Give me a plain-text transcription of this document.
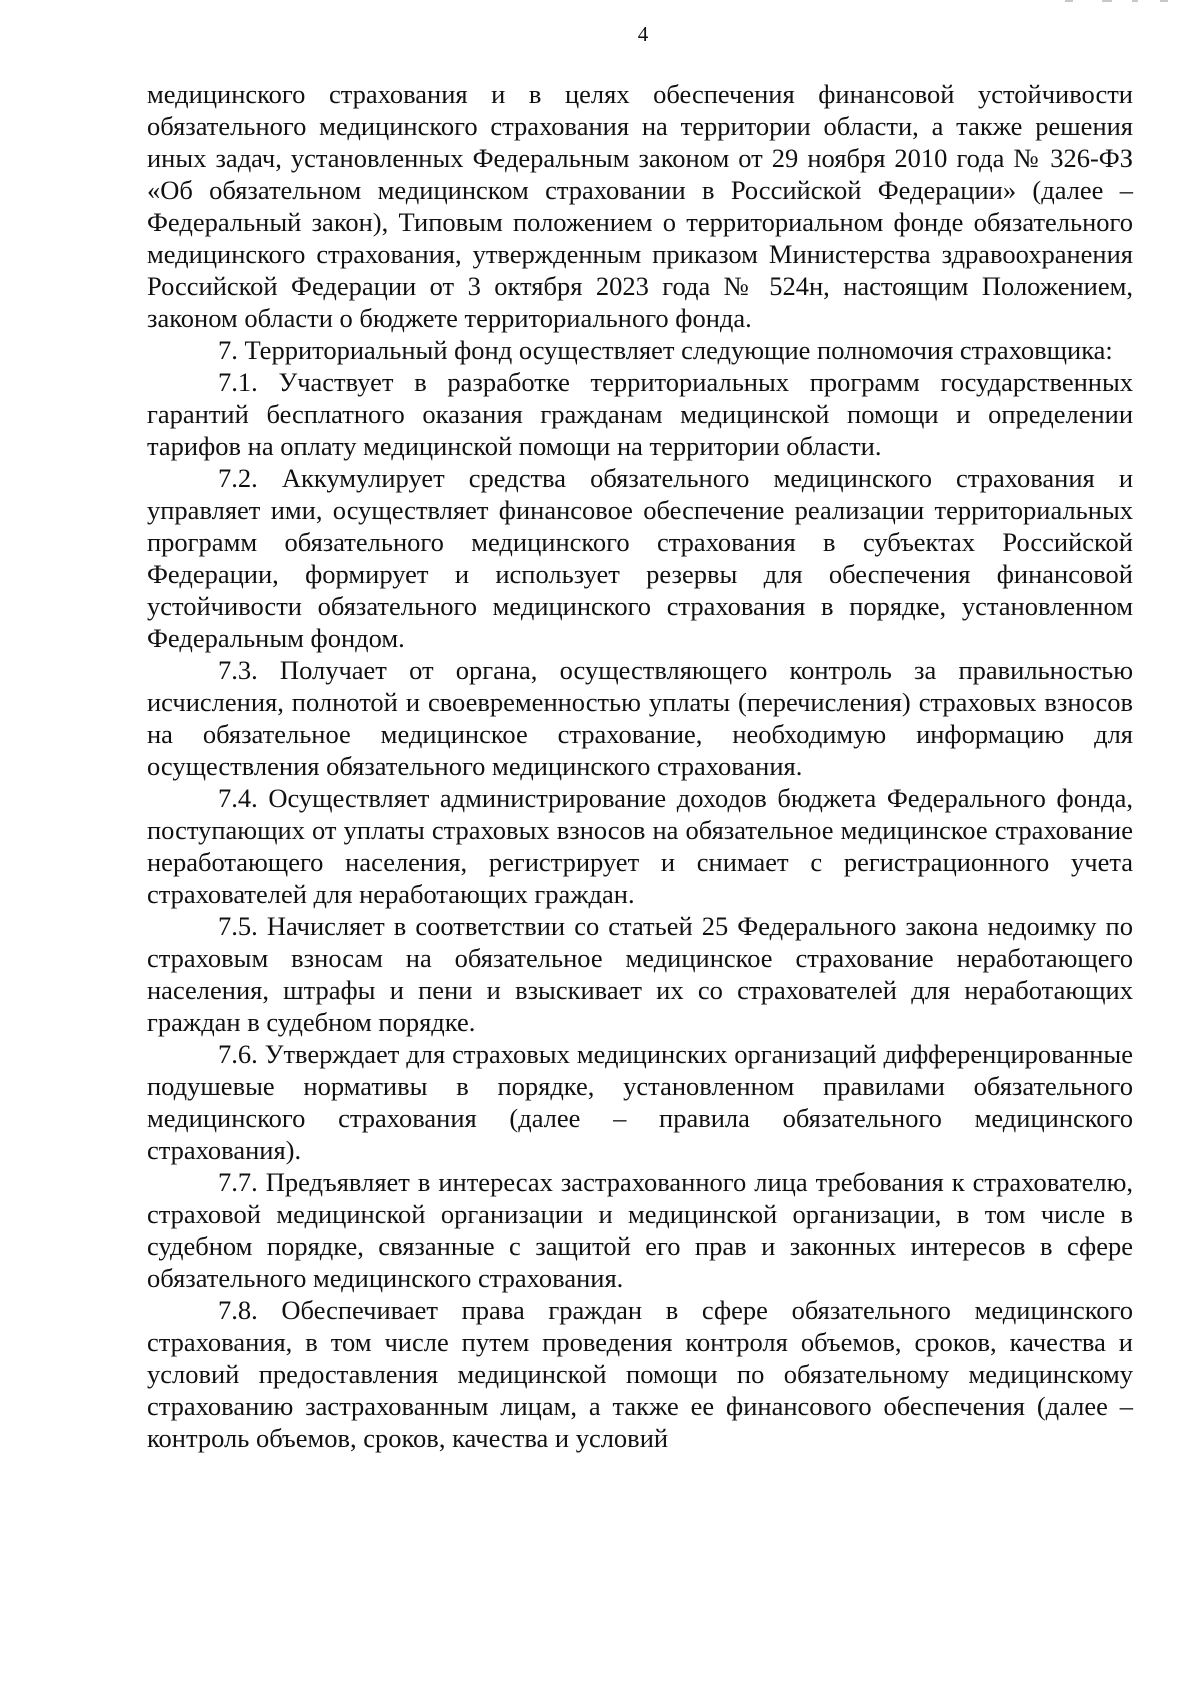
4

медицинского страхования и в целях обеспечения финансовой устойчивости обязательного медицинского страхования на территории области, а также решения иных задач, установленных Федеральным законом от 29 ноября 2010 года № 326-ФЗ «Об обязательном медицинском страховании в Российской Федерации» (далее – Федеральный закон), Типовым положением о территориальном фонде обязательного медицинского страхования, утвержденным приказом Министерства здравоохранения Российской Федерации от 3 октября 2023 года № 524н, настоящим Положением, законом области о бюджете территориального фонда.

7. Территориальный фонд осуществляет следующие полномочия страховщика:

7.1. Участвует в разработке территориальных программ государственных гарантий бесплатного оказания гражданам медицинской помощи и определении тарифов на оплату медицинской помощи на территории области.

7.2. Аккумулирует средства обязательного медицинского страхования и управляет ими, осуществляет финансовое обеспечение реализации территориальных программ обязательного медицинского страхования в субъектах Российской Федерации, формирует и использует резервы для обеспечения финансовой устойчивости обязательного медицинского страхования в порядке, установленном Федеральным фондом.

7.3. Получает от органа, осуществляющего контроль за правильностью исчисления, полнотой и своевременностью уплаты (перечисления) страховых взносов на обязательное медицинское страхование, необходимую информацию для осуществления обязательного медицинского страхования.

7.4. Осуществляет администрирование доходов бюджета Федерального фонда, поступающих от уплаты страховых взносов на обязательное медицинское страхование неработающего населения, регистрирует и снимает с регистрационного учета страхователей для неработающих граждан.

7.5. Начисляет в соответствии со статьей 25 Федерального закона недоимку по страховым взносам на обязательное медицинское страхование неработающего населения, штрафы и пени и взыскивает их со страхователей для неработающих граждан в судебном порядке.

7.6. Утверждает для страховых медицинских организаций дифференцированные подушевые нормативы в порядке, установленном правилами обязательного медицинского страхования (далее – правила обязательного медицинского страхования).

7.7. Предъявляет в интересах застрахованного лица требования к страхователю, страховой медицинской организации и медицинской организации, в том числе в судебном порядке, связанные с защитой его прав и законных интересов в сфере обязательного медицинского страхования.

7.8. Обеспечивает права граждан в сфере обязательного медицинского страхования, в том числе путем проведения контроля объемов, сроков, качества и условий предоставления медицинской помощи по обязательному медицинскому страхованию застрахованным лицам, а также ее финансового обеспечения (далее – контроль объемов, сроков, качества и условий
